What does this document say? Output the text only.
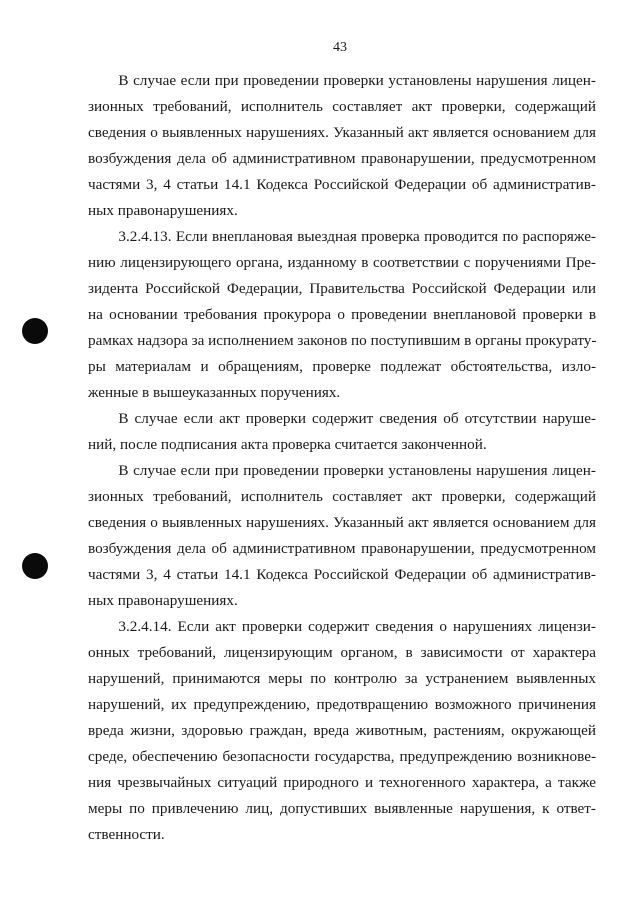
43
  В случае если при проведении проверки установлены нарушения лицен-
зионных требований, исполнитель составляет акт проверки, содержащий
сведения о выявленных нарушениях. Указанный акт является основанием для
возбуждения дела об административном правонарушении, предусмотренном
частями 3, 4 статьи 14.1 Кодекса Российской Федерации об административ-
ных правонарушениях.
  3.2.4.13. Если внеплановая выездная проверка проводится по распоряже-
нию лицензирующего органа, изданному в соответствии с поручениями Пре-
зидента Российской Федерации, Правительства Российской Федерации или
на основании требования прокурора о проведении внеплановой проверки в
рамках надзора за исполнением законов по поступившим в органы прокурату-
ры материалам и обращениям, проверке подлежат обстоятельства, изло-
женные в вышеуказанных поручениях.
  В случае если акт проверки содержит сведения об отсутствии наруше-
ний, после подписания акта проверка считается законченной.
  В случае если при проведении проверки установлены нарушения лицен-
зионных требований, исполнитель составляет акт проверки, содержащий
сведения о выявленных нарушениях. Указанный акт является основанием для
возбуждения дела об административном правонарушении, предусмотренном
частями 3, 4 статьи 14.1 Кодекса Российской Федерации об административ-
ных правонарушениях.
  3.2.4.14. Если акт проверки содержит сведения о нарушениях лицензи-
онных требований, лицензирующим органом, в зависимости от характера
нарушений, принимаются меры по контролю за устранением выявленных
нарушений, их предупреждению, предотвращению возможного причинения
вреда жизни, здоровью граждан, вреда животным, растениям, окружающей
среде, обеспечению безопасности государства, предупреждению возникнове-
ния чрезвычайных ситуаций природного и техногенного характера, а также
меры по привлечению лиц, допустивших выявленные нарушения, к ответ-
ственности.
